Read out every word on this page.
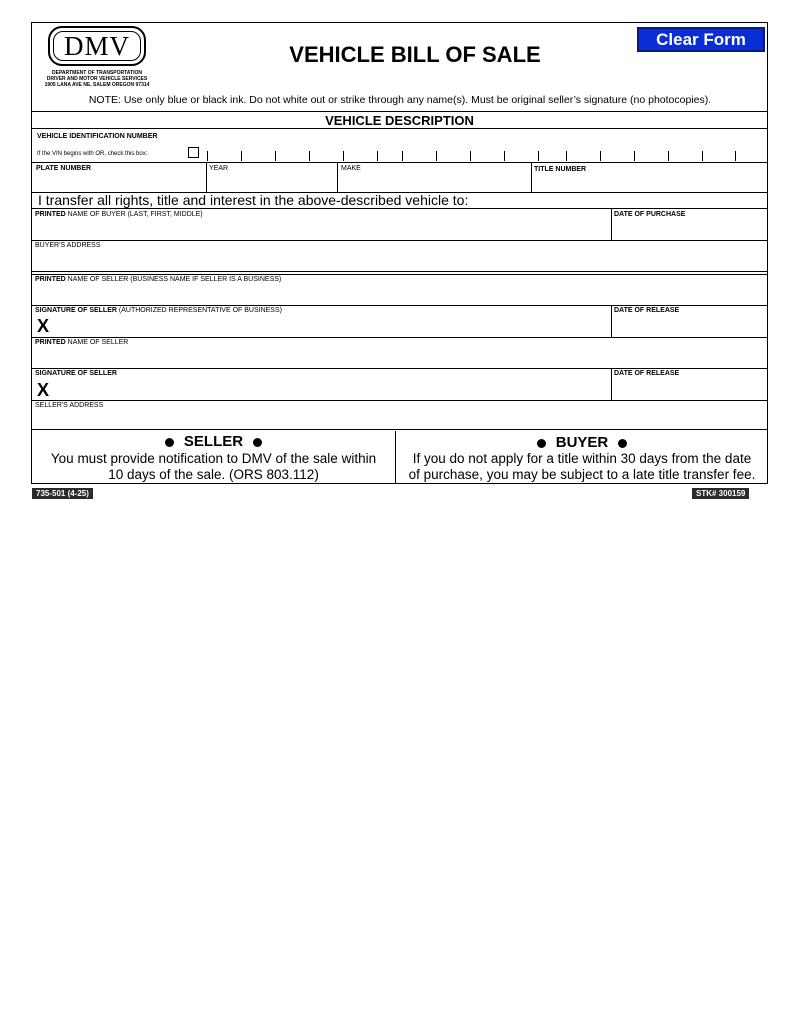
DMV
DEPARTMENT OF TRANSPORTATION
DRIVER AND MOTOR VEHICLE SERVICES
1905 LANA AVE NE, SALEM OREGON 97314
VEHICLE BILL OF SALE
Clear Form
NOTE: Use only blue or black ink. Do not white out or strike through any name(s). Must be original seller’s signature (no photocopies).
VEHICLE DESCRIPTION
VEHICLE IDENTIFICATION NUMBER
If the VIN begins with OR, check this box:
PLATE NUMBER	YEAR	MAKE	TITLE NUMBER
I transfer all rights, title and interest in the above-described vehicle to:
PRINTED NAME OF BUYER (LAST, FIRST, MIDDLE)	DATE OF PURCHASE
BUYER'S ADDRESS
PRINTED NAME OF SELLER (BUSINESS NAME IF SELLER IS A BUSINESS)
SIGNATURE OF SELLER (AUTHORIZED REPRESENTATIVE OF BUSINESS)	DATE OF RELEASE
X
PRINTED NAME OF SELLER
SIGNATURE OF SELLER	DATE OF RELEASE
X
SELLER'S ADDRESS
SELLER
You must provide notification to DMV of the sale within
10 days of the sale. (ORS 803.112)
BUYER
If you do not apply for a title within 30 days from the date
of purchase, you may be subject to a late title transfer fee.
735-501 (4-25)	STK# 300159
